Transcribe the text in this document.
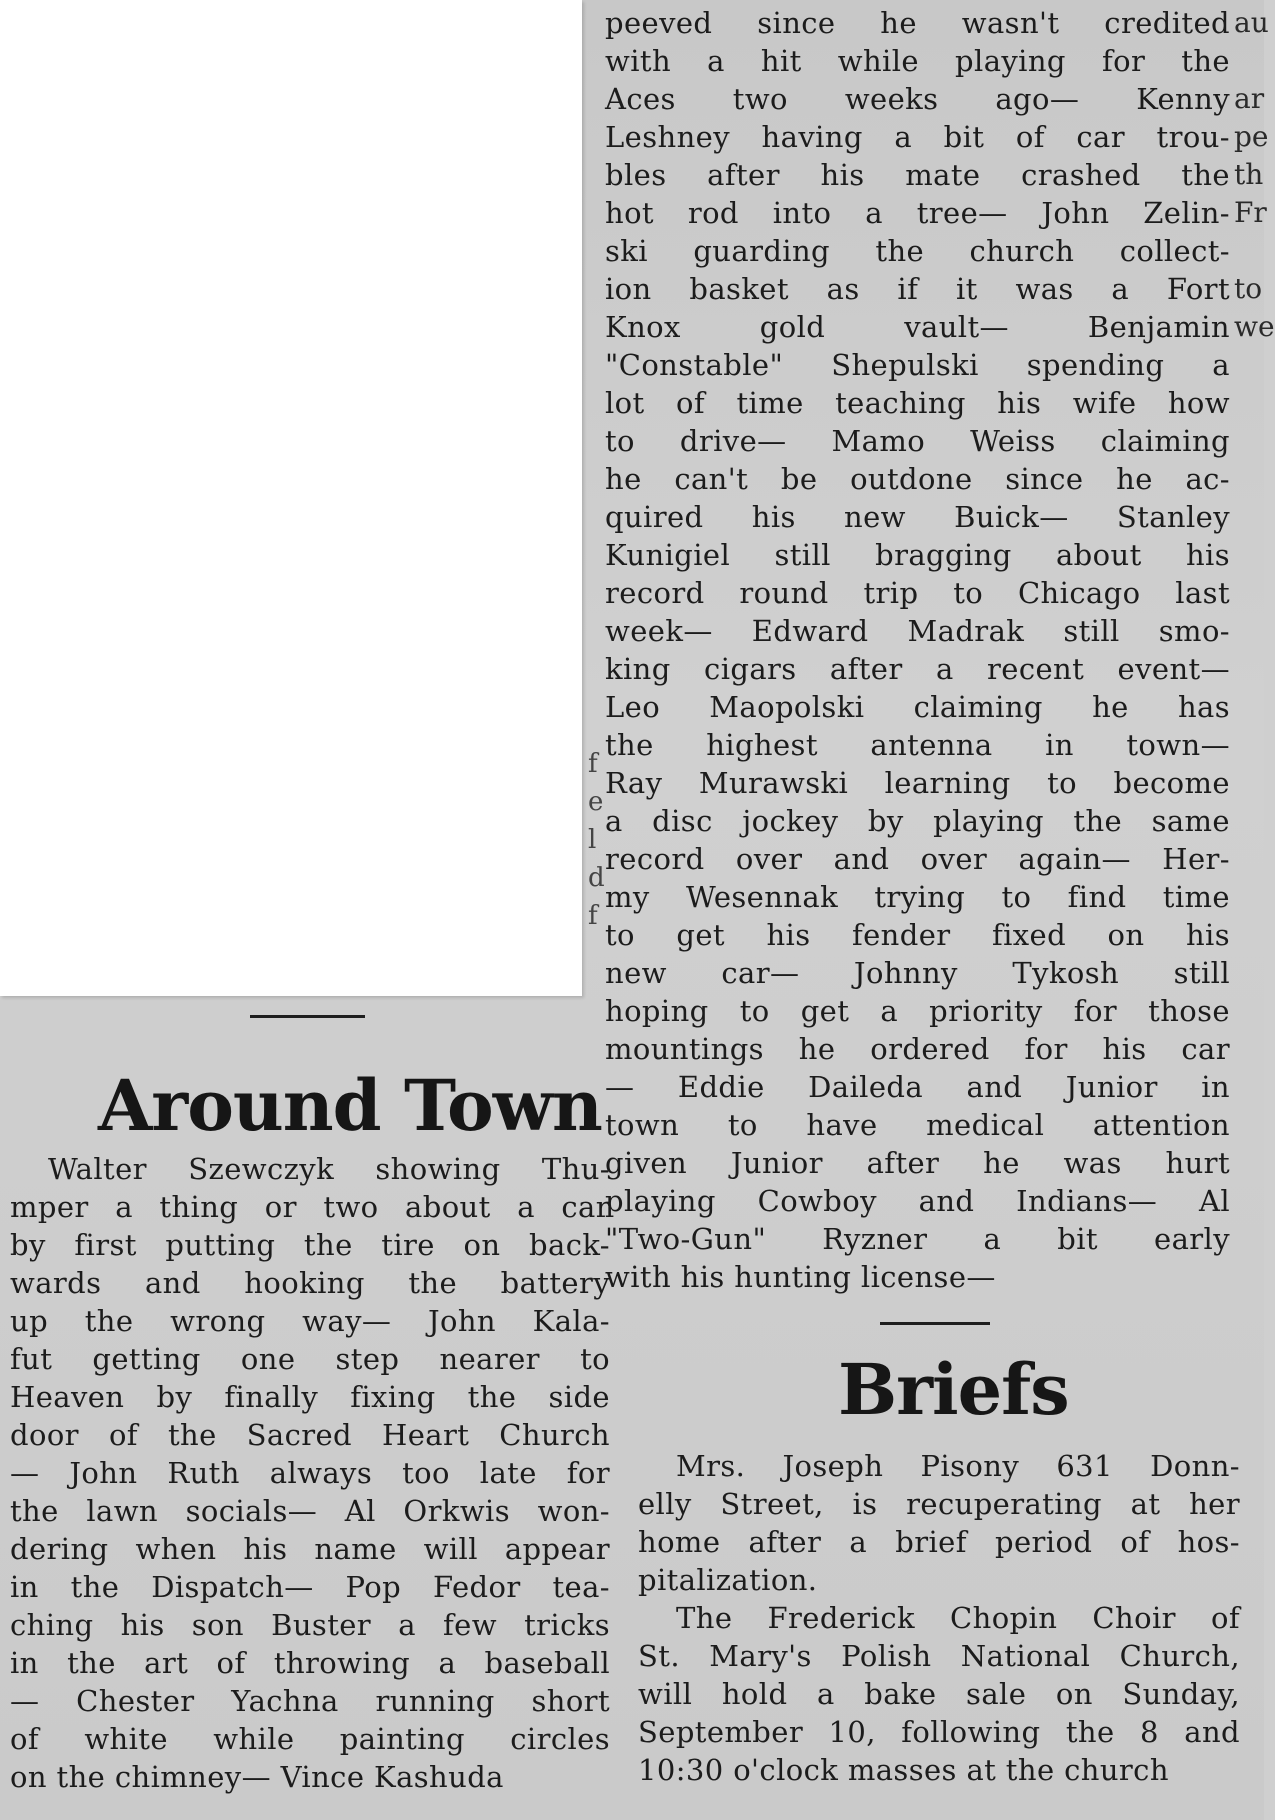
peeved since he wasn't credited
with a hit while playing for the
Aces two weeks ago— Kenny
Leshney having a bit of car trou-
bles after his mate crashed the
hot rod into a tree— John Zelin-
ski guarding the church collect-
ion basket as if it was a Fort
Knox gold vault— Benjamin
"Constable" Shepulski spending a
lot of time teaching his wife how
to drive— Mamo Weiss claiming
he can't be outdone since he ac-
quired his new Buick— Stanley
Kunigiel still bragging about his
record round trip to Chicago last
week— Edward Madrak still smo-
king cigars after a recent event—
Leo Maopolski claiming he has
the highest antenna in town—
Ray Murawski learning to become
a disc jockey by playing the same
record over and over again— Her-
my Wesennak trying to find time
to get his fender fixed on his
new car— Johnny Tykosh still
hoping to get a priority for those
mountings he ordered for his car
— Eddie Daileda and Junior in
town to have medical attention
given Junior after he was hurt
playing Cowboy and Indians— Al
"Two-Gun" Ryzner a bit early
with his hunting license—
au
ar
pe
th
Fr
to
we
f
e
l
d
f
Around Town
Walter Szewczyk showing Thu-
mper a thing or two about a car
by first putting the tire on back-
wards and hooking the battery
up the wrong way— John Kala-
fut getting one step nearer to
Heaven by finally fixing the side
door of the Sacred Heart Church
— John Ruth always too late for
the lawn socials— Al Orkwis won-
dering when his name will appear
in the Dispatch— Pop Fedor tea-
ching his son Buster a few tricks
in the art of throwing a baseball
— Chester Yachna running short
of white while painting circles
on the chimney— Vince Kashuda
Briefs
Mrs. Joseph Pisony 631 Donn-
elly Street, is recuperating at her
home after a brief period of hos-
pitalization.
The Frederick Chopin Choir of
St. Mary's Polish National Church,
will hold a bake sale on Sunday,
September 10, following the 8 and
10:30 o'clock masses at the church
